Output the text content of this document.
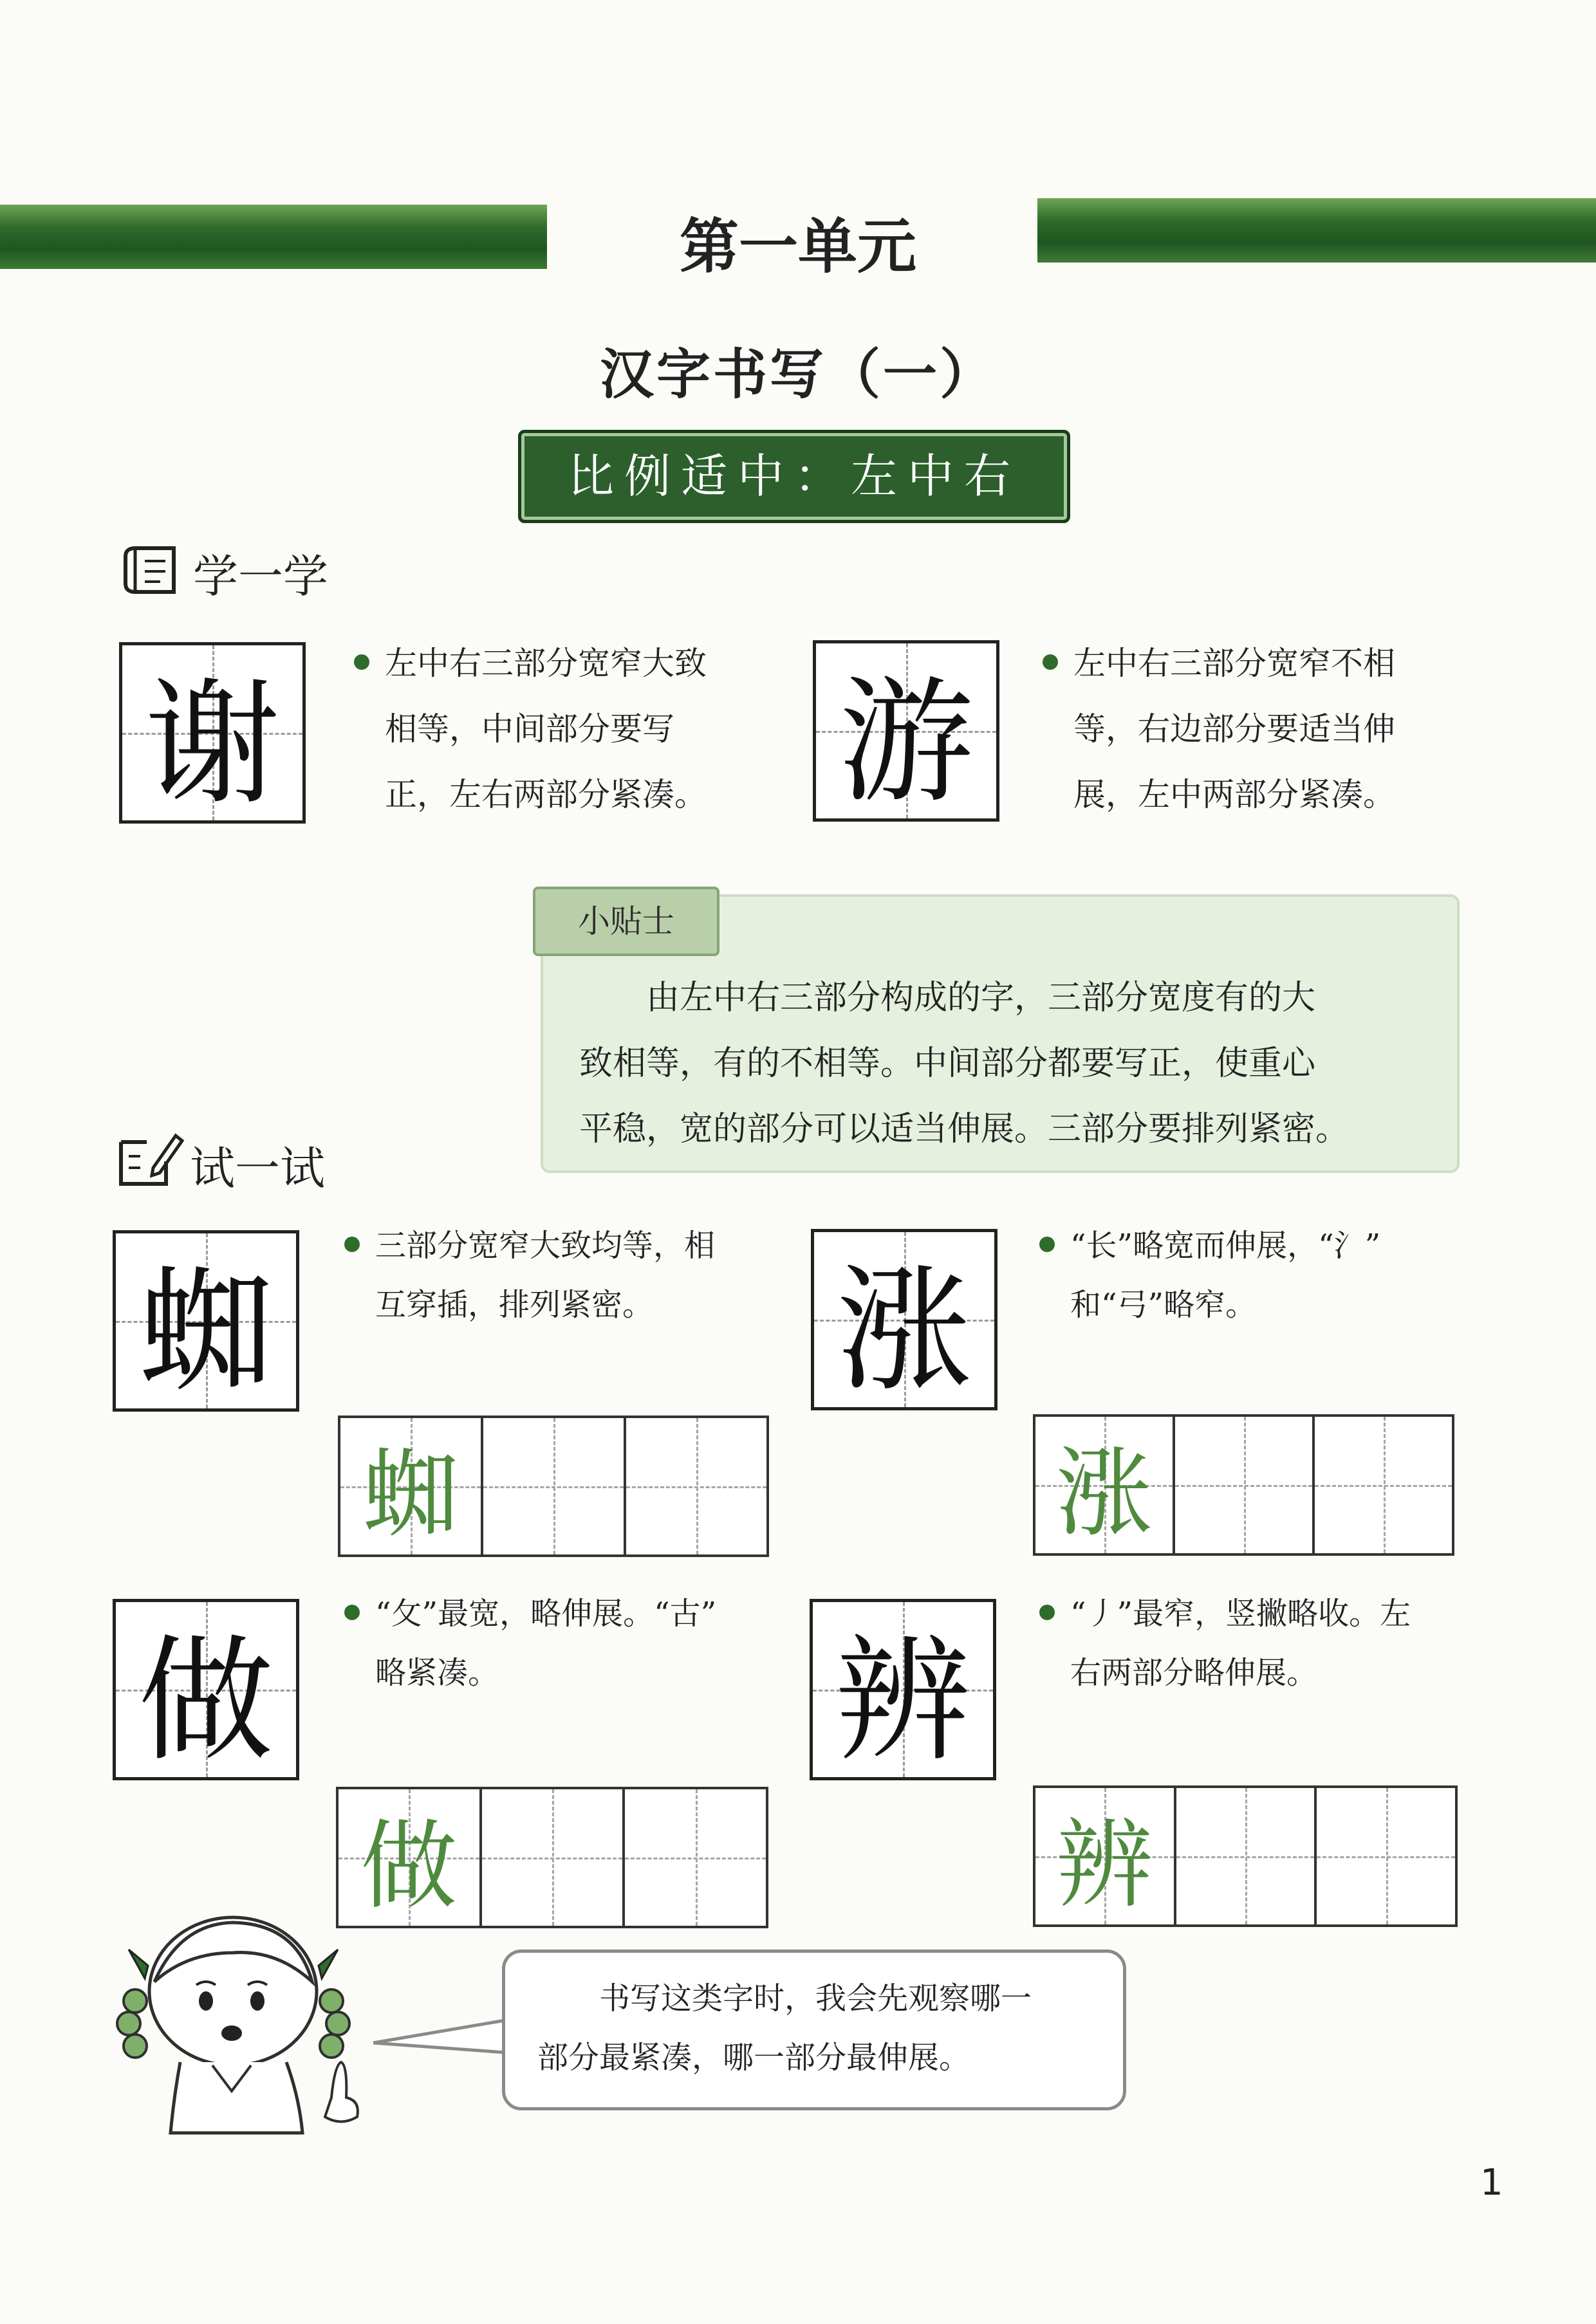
第一单元
汉字书写（一）
比例适中：左中右
学一学
谢

左中右三部分宽窄大致

相等，中间部分要写

正，左右两部分紧凑。 游	左中右三部分宽窄不相

等，右边部分要适当伸

展，左中两部分紧凑。

小贴士

由左中右三部分构成的字，三部分宽度有的大

致相等，有的不相等。中间部分都要写正，使重心

平稳，宽的部分可以适当伸展。三部分要排列紧密。

试一试
蜘

三部分宽窄大致均等，相

互穿插，排列紧密。

蜘
涨

“长”略宽而伸展，“氵”

和“弓”略窄。

涨
做

“攵”最宽，略伸展。“古”

略紧凑。

做
辨

“丿”最窄，竖撇略收。左

右两部分略伸展。

辨

书写这类字时，我会先观察哪一

部分最紧凑，哪一部分最伸展。

1
